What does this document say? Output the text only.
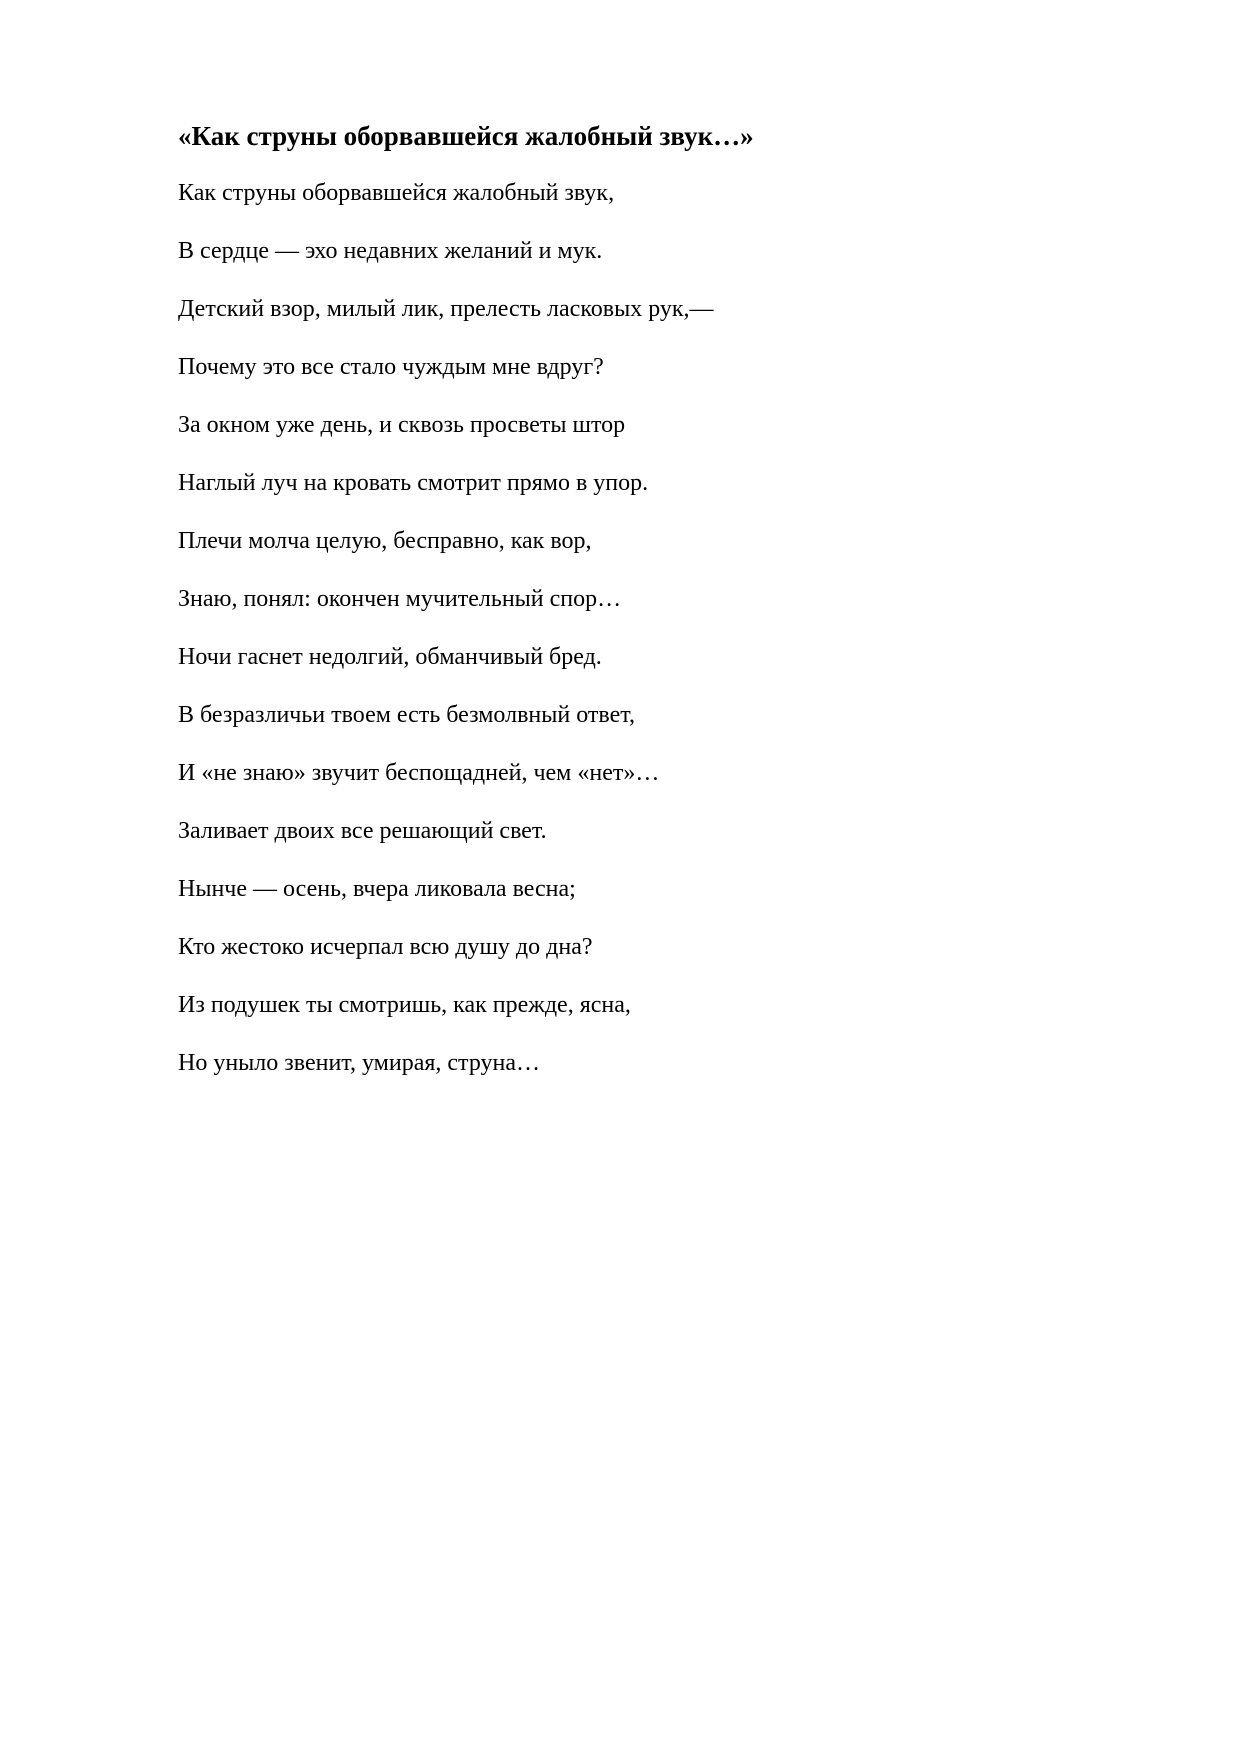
«Как струны оборвавшейся жалобный звук…»
Как струны оборвавшейся жалобный звук,
В сердце — эхо недавних желаний и мук.
Детский взор, милый лик, прелесть ласковых рук,—
Почему это все стало чуждым мне вдруг?
За окном уже день, и сквозь просветы штор
Наглый луч на кровать смотрит прямо в упор.
Плечи молча целую, бесправно, как вор,
Знаю, понял: окончен мучительный спор…
Ночи гаснет недолгий, обманчивый бред.
В безразличьи твоем есть безмолвный ответ,
И «не знаю» звучит беспощадней, чем «нет»…
Заливает двоих все решающий свет.
Нынче — осень, вчера ликовала весна;
Кто жестоко исчерпал всю душу до дна?
Из подушек ты смотришь, как прежде, ясна,
Но уныло звенит, умирая, струна…
